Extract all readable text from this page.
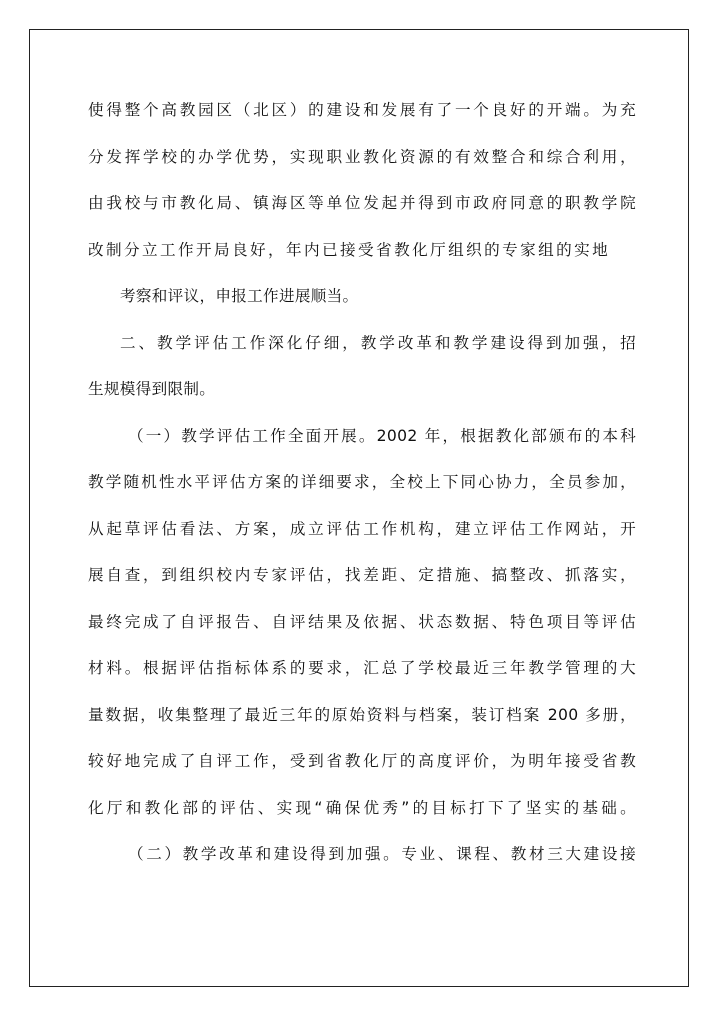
使得整个高教园区（北区）的建设和发展有了一个良好的开端。为充
分发挥学校的办学优势，实现职业教化资源的有效整合和综合利用，
由我校与市教化局、镇海区等单位发起并得到市政府同意的职教学院
改制分立工作开局良好，年内已接受省教化厅组织的专家组的实地
考察和评议，申报工作进展顺当。
二、教学评估工作深化仔细，教学改革和教学建设得到加强，招
生规模得到限制。
（一）教学评估工作全面开展。2002 年，根据教化部颁布的本科
教学随机性水平评估方案的详细要求，全校上下同心协力，全员参加，
从起草评估看法、方案，成立评估工作机构，建立评估工作网站，开
展自查，到组织校内专家评估，找差距、定措施、搞整改、抓落实，
最终完成了自评报告、自评结果及依据、状态数据、特色项目等评估
材料。根据评估指标体系的要求，汇总了学校最近三年教学管理的大
量数据，收集整理了最近三年的原始资料与档案，装订档案 200 多册，
较好地完成了自评工作，受到省教化厅的高度评价，为明年接受省教
化厅和教化部的评估、实现“确保优秀”的目标打下了坚实的基础。
（二）教学改革和建设得到加强。专业、课程、教材三大建设接
